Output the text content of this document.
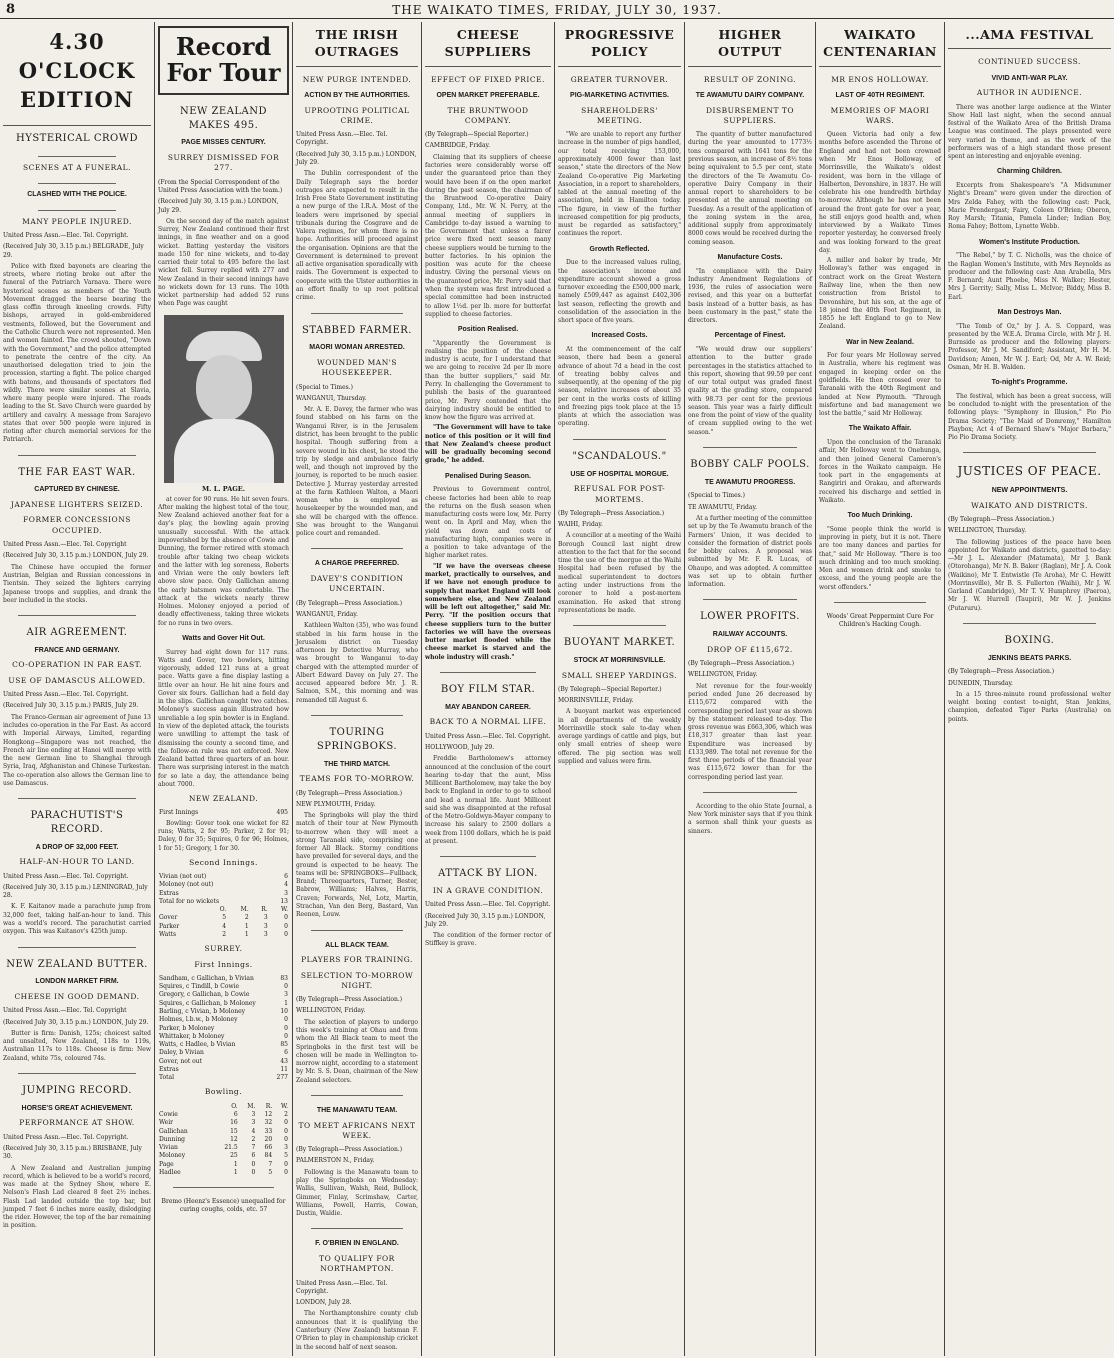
8	THE WAIKATO TIMES, FRIDAY, JULY 30, 1937.
4.30 O'CLOCK EDITION
HYSTERICAL CROWD
SCENES AT A FUNERAL.
CLASHED WITH THE POLICE.
MANY PEOPLE INJURED.
United Press Assn.—Elec. Tel. Copyright.
(Received July 30, 3.15 p.m.) BELGRADE, July 29.
Police with fixed bayonets are clearing the streets, where rioting broke out after the funeral of the Patriarch Varnava. There were hysterical scenes as members of the Youth Movement dragged the hearse bearing the glass coffin through kneeling crowds. Fifty bishops, arrayed in gold-embroidered vestments, followed, but the Government and the Catholic Church were not represented. Men and women fainted. The crowd shouted, "Down with the Government," and the police attempted to penetrate the centre of the city. An unauthorised delegation tried to join the procession, starting a fight. The police charged with batons, and thousands of spectators fled wildly. There were similar scenes at Slavia, where many people were injured. The roads leading to the St. Savo Church were guarded by artillery and cavalry. A message from Sarajevo states that over 500 people were injured in rioting after church memorial services for the Patriarch.
THE FAR EAST WAR.
CAPTURED BY CHINESE.
JAPANESE LIGHTERS SEIZED.
FORMER CONCESSIONS OCCUPIED.
United Press Assn.—Elec. Tel. Copyright
(Received July 30, 3.15 p.m.) LONDON, July 29.
The Chinese have occupied the former Austrian, Belgian and Russian concessions in Tientsin. They seized the lighters carrying Japanese troops and supplies, and drank the beer included in the stocks.
AIR AGREEMENT.
FRANCE AND GERMANY.
CO-OPERATION IN FAR EAST.
USE OF DAMASCUS ALLOWED.
United Press Assn.—Elec. Tel. Copyright.
(Received July 30, 3.15 p.m.) PARIS, July 29.
The Franco-German air agreement of June 13 includes co-operation in the Far East. As accord with Imperial Airways, Limited, regarding Hongkong—Singapore was not reached, the French air line ending at Hanoi will merge with the new German line to Shanghai through Syria, Iraq, Afghanistan and Chinese Turkestan. The co-operation also allows the German line to use Damascus.
PARACHUTIST'S RECORD.
A DROP OF 32,000 FEET.
HALF-AN-HOUR TO LAND.
United Press Assn.—Elec. Tel. Copyright.
(Received July 30, 3.15 p.m.) LENINGRAD, July 28.
K. F. Kaitanov made a parachute jump from 32,000 feet, taking half-an-hour to land. This was a world's record. The parachutist carried oxygen. This was Kaitanov's 425th jump.
NEW ZEALAND BUTTER.
LONDON MARKET FIRM.
CHEESE IN GOOD DEMAND.
United Press Assn.—Elec. Tel. Copyright
(Received July 30, 3.15 p.m.) LONDON, July 29.
Butter is firm: Danish, 125s; choicest salted and unsalted, New Zealand, 118s to 119s, Australian 117s to 118s. Cheese is firm: New Zealand, white 75s, coloured 74s.
JUMPING RECORD.
HORSE'S GREAT ACHIEVEMENT.
PERFORMANCE AT SHOW.
United Press Assn.—Elec. Tel. Copyright.
(Received July 30, 3.15 p.m.) BRISBANE, July 30.
A New Zealand and Australian jumping record, which is believed to be a world's record, was made at the Sydney Show, where E. Nelson's Flash Lad cleared 8 feet 2½ inches. Flash Lad landed outside the top bar, but jumped 7 feet 6 inches more easily, dislodging the rider. However, the top of the bar remaining in position.
Record For Tour
NEW ZEALAND MAKES 495.
PAGE MISSES CENTURY.
SURREY DISMISSED FOR 277.
(From the Special Correspondent of the United Press Association with the team.)
(Received July 30, 3.15 p.m.) LONDON, July 29.
On the second day of the match against Surrey, New Zealand continued their first innings, in fine weather and on a good wicket. Batting yesterday the visitors made 150 for nine wickets, and to-day carried their total to 495 before the last wicket fell. Surrey replied with 277 and New Zealand in their second innings have no wickets down for 13 runs. The 10th wicket partnership had added 52 runs when Page was caught
M. L. PAGE.
at cover for 90 runs. He hit seven fours. After making the highest total of the tour, New Zealand achieved another feat for a day's play, the bowling again proving unusually successful. With the attack impoverished by the absence of Cowie and Dunning, the former retired with stomach trouble after taking two cheap wickets and the latter with leg soreness, Roberts and Vivian were the only bowlers left above slow pace. Only Gallichan among the early batsmen was comfortable. The attack at the wickets nearly threw Holmes. Moloney enjoyed a period of deadly effectiveness, taking three wickets for no runs in two overs.
Watts and Gover Hit Out.
Surrey had eight down for 117 runs. Watts and Gover, two bowlers, hitting vigorously, added 121 runs at a great pace. Watts gave a fine display lasting a little over an hour. He hit nine fours and Gover six fours. Gallichan had a field day in the slips. Gallichan caught two catches. Moloney's success again illustrated how unreliable a leg spin bowler is in England. In view of the depleted attack, the tourists were unwilling to attempt the task of dismissing the county a second time, and the follow-on rule was not enforced. New Zealand batted three quarters of an hour. There was surprising interest in the match for so late a day, the attendance being about 7000.
NEW ZEALAND.
First Innings	495
Bowling: Gover took one wicket for 82 runs; Watts, 2 for 95; Parker, 2 for 91; Daley, 0 for 35; Squires, 0 for 96; Holmes, 1 for 51; Gregory, 1 for 30.
Second Innings.
Vivian (not out)	6
Moloney (not out)	4
Extras	3
Total for no wickets	13
	O.	M.	R.	W.
Gover	5	2	3	0
Parker	4	1	3	0
Watts	2	1	3	0
SURREY.
First Innings.
Sandham, c Gallichan, b Vivian	83
Squires, c Tindill, b Cowie	0
Gregory, c Gallichan, b Cowie	3
Squires, c Gallichan, b Moloney	1
Barling, c Vivian, b Moloney	10
Holmes, l.b.w., b Moloney	0
Parker, b Moloney	0
Whittaker, b Moloney	0
Watts, c Hadlee, b Vivian	85
Daley, b Vivian	6
Gover, not out	43
Extras	11
Total	277
Bowling.
	O.	M.	R.	W.
Cowie	6	3	12	2
Weir	16	3	32	0
Gallichan	15	4	33	0
Dunning	12	2	20	0
Vivian	21.5	7	66	3
Moloney	25	6	84	5
Page	1	0	7	0
Hadlee	1	0	5	0
Bremo (Heenz's Essence) unequalled for curing coughs, colds, etc. 57
THE IRISH OUTRAGES
NEW PURGE INTENDED.
ACTION BY THE AUTHORITIES.
UPROOTING POLITICAL CRIME.
United Press Assn.—Elec. Tel. Copyright.
(Received July 30, 3.15 p.m.) LONDON, July 29.
The Dublin correspondent of the Daily Telegraph says the border outrages are expected to result in the Irish Free State Government instituting a new purge of the I.R.A. Most of the leaders were imprisoned by special tribunals during the Cosgrave and de Valera regimes, for whom there is no hope. Authorities will proceed against the organisation. Opinions are that the Government is determined to prevent all active organisation sporadically with raids. The Government is expected to cooperate with the Ulster authorities in an effort finally to up root political crime.
STABBED FARMER.
MAORI WOMAN ARRESTED.
WOUNDED MAN'S HOUSEKEEPER.
(Special to Times.)
WANGANUI, Thursday.
Mr. A. E. Davey, the farmer who was found stabbed on his farm on the Wanganui River, is in the Jerusalem district, has been brought to the public hospital. Though suffering from a severe wound in his chest, he stood the trip by sledge and ambulance fairly well, and though not improved by the journey, is reported to be much easier. Detective J. Murray yesterday arrested at the farm Kathleen Walton, a Maori woman who is employed as housekeeper by the wounded man, and she will be charged with the offence. She was brought to the Wanganui police court and remanded.
A CHARGE PREFERRED.
DAVEY'S CONDITION UNCERTAIN.
(By Telegraph—Press Association.)
WANGANUI, Friday.
Kathleen Walton (35), who was found stabbed in his farm house in the Jerusalem district on Tuesday afternoon by Detective Murray, who was brought to Wanganui to-day charged with the attempted murder of Albert Edward Davey on July 27. The accused appeared before Mr. J. R. Salmon, S.M., this morning and was remanded till August 6.
TOURING SPRINGBOKS.
THE THIRD MATCH.
TEAMS FOR TO-MORROW.
(By Telegraph—Press Association.)
NEW PLYMOUTH, Friday.
The Springboks will play the third match of their tour at New Plymouth to-morrow when they will meet a strong Taranaki side, comprising one former All Black. Stormy conditions have prevailed for several days, and the ground is expected to be heavy. The teams will be: SPRINGBOKS—Fullback, Brand; Threequarters, Turner, Bester, Babrow, Williams; Halves, Harris, Craven; Forwards, Nel, Lotz, Martin, Strachan, Van den Berg, Bastard, Van Reenen, Louw.
ALL BLACK TEAM.
PLAYERS FOR TRAINING.
SELECTION TO-MORROW NIGHT.
(By Telegraph—Press Association.)
WELLINGTON, Friday.
The selection of players to undergo this week's training at Ohau and from whom the All Black team to meet the Springboks in the first test will be chosen will be made in Wellington to-morrow night, according to a statement by Mr. S. S. Dean, chairman of the New Zealand selectors.
THE MANAWATU TEAM.
TO MEET AFRICANS NEXT WEEK.
(By Telegraph—Press Association.)
PALMERSTON N., Friday.
Following is the Manawatu team to play the Springboks on Wednesday: Wallis, Sullivan, Walsh, Reid, Bullock, Gimmer, Finlay, Scrimshaw, Carter, Williams, Powell, Harris, Cowan, Dustin, Waldie.
F. O'BRIEN IN ENGLAND.
TO QUALIFY FOR NORTHAMPTON.
United Press Assn.—Elec. Tel. Copyright.
LONDON, July 28.
The Northamptonshire county club announces that it is qualifying the Canterbury (New Zealand) batsman F. O'Brien to play in championship cricket in the second half of next season.
CHEESE SUPPLIERS
EFFECT OF FIXED PRICE.
OPEN MARKET PREFERABLE.
THE BRUNTWOOD COMPANY.
(By Telegraph—Special Reporter.)
CAMBRIDGE, Friday.
Claiming that its suppliers of cheese factories were considerably worse off under the guaranteed price than they would have been if on the open market during the past season, the chairman of the Bruntwood Co-operative Dairy Company, Ltd., Mr. W. N. Perry, at the annual meeting of suppliers in Cambridge to-day issued a warning to the Government that unless a fairer price were fixed next season many cheese suppliers would be turning to the butter factories. In his opinion the position was acute for the cheese industry. Giving the personal views on the guaranteed price, Mr. Perry said that when the system was first introduced a special committee had been instructed to allow 1½d. per lb. more for butterfat supplied to cheese factories.
Position Realised.
"Apparently the Government is realising the position of the cheese industry is acute, for I understand that we are going to receive 2d per lb more than the butter suppliers," said Mr. Perry. In challenging the Government to publish the basis of the guaranteed price, Mr. Perry contended that the dairying industry should be entitled to know how the figure was arrived at.
"The Government will have to take notice of this position or it will find that New Zealand's cheese product will be gradually becoming second grade," he added.
Penalised During Season.
Previous to Government control, cheese factories had been able to reap the returns on the flush season when manufacturing costs were low, Mr. Perry went on. In April and May, when the yield was down and costs of manufacturing high, companies were in a position to take advantage of the higher market rates.
"If we have the overseas cheese market, practically to ourselves, and if we have not enough produce to supply that market England will look somewhere else, and New Zealand will be left out altogether," said Mr. Perry. "If the position occurs that cheese suppliers turn to the butter factories we will have the overseas butter market flooded while the cheese market is starved and the whole industry will crash."
BOY FILM STAR.
MAY ABANDON CAREER.
BACK TO A NORMAL LIFE.
United Press Assn.—Elec. Tel. Copyright.
HOLLYWOOD, July 29.
Freddie Bartholomew's attorney announced at the conclusion of the court hearing to-day that the aunt, Miss Millicent Bartholomew, may take the boy back to England in order to go to school and lead a normal life. Aunt Millicent said she was disappointed at the refusal of the Metro-Goldwyn-Mayer company to increase his salary to 2500 dollars a week from 1100 dollars, which he is paid at present.
ATTACK BY LION.
IN A GRAVE CONDITION.
United Press Assn.—Elec. Tel. Copyright.
(Received July 30, 3.15 p.m.) LONDON, July 29.
The condition of the former rector of Stiffkey is grave.
PROGRESSIVE POLICY
GREATER TURNOVER.
PIG-MARKETING ACTIVITIES.
SHAREHOLDERS' MEETING.
"We are unable to report any further increase in the number of pigs handled, our total receiving 153,000, approximately 4000 fewer than last season," state the directors of the New Zealand Co-operative Pig Marketing Association, in a report to shareholders, tabled at the annual meeting of the association, held in Hamilton today. "The figure, in view of the further increased competition for pig products, must be regarded as satisfactory," continues the report.
Growth Reflected.
Due to the increased values ruling, the association's income and expenditure account showed a gross turnover exceeding the £500,000 mark, namely £509,447 as against £402,306 last season, reflecting the growth and consolidation of the association in the short space of five years.
Increased Costs.
At the commencement of the calf season, there had been a general advance of about 7d a head in the cost of treating bobby calves and subsequently, at the opening of the pig season, relative increases of about 35 per cent in the works costs of killing and freezing pigs took place at the 15 plants at which the association was operating.
"SCANDALOUS."
USE OF HOSPITAL MORGUE.
REFUSAL FOR POST-MORTEMS.
(By Telegraph—Press Association.)
WAIHI, Friday.
A councillor at a meeting of the Waihi Borough Council last night drew attention to the fact that for the second time the use of the morgue at the Waihi Hospital had been refused by the medical superintendent to doctors acting under instructions from the coroner to hold a post-mortem examination. He asked that strong representations be made.
BUOYANT MARKET.
STOCK AT MORRINSVILLE.
SMALL SHEEP YARDINGS.
(By Telegraph—Special Reporter.)
MORRINSVILLE, Friday.
A buoyant market was experienced in all departments of the weekly Morrinsville stock sale to-day when average yardings of cattle and pigs, but only small entries of sheep were offered. The pig section was well supplied and values were firm.
HIGHER OUTPUT
RESULT OF ZONING.
TE AWAMUTU DAIRY COMPANY.
DISBURSEMENT TO SUPPLIERS.
The quantity of butter manufactured during the year amounted to 1773½ tons compared with 1641 tons for the previous season, an increase of 8½ tons being equivalent to 5.5 per cent, state the directors of the Te Awamutu Co-operative Dairy Company in their annual report to shareholders to be presented at the annual meeting on Tuesday. As a result of the application of the zoning system in the area, additional supply from approximately 8000 cows would be received during the coming season.
Manufacture Costs.
"In compliance with the Dairy Industry Amendment Regulations of 1936, the rules of association were revised, and this year on a butterfat basis instead of a butter basis, as has been customary in the past," state the directors.
Percentage of Finest.
"We would draw our suppliers' attention to the butter grade percentages in the statistics attached to this report, showing that 99.59 per cent of our total output was graded finest quality at the grading store, compared with 98.73 per cent for the previous season. This year was a fairly difficult one from the point of view of the quality of cream supplied owing to the wet season."
BOBBY CALF POOLS.
TE AWAMUTU PROGRESS.
(Special to Times.)
TE AWAMUTU, Friday.
At a further meeting of the committee set up by the Te Awamutu branch of the Farmers' Union, it was decided to consider the formation of district pools for bobby calves. A proposal was submitted by Mr. F. R. Lucas, of Ohaupo, and was adopted. A committee was set up to obtain further information.
LOWER PROFITS.
RAILWAY ACCOUNTS.
DROP OF £115,672.
(By Telegraph—Press Association.)
WELLINGTON, Friday.
Net revenue for the four-weekly period ended June 26 decreased by £115,672 compared with the corresponding period last year as shown by the statement released to-day. The gross revenue was £663,306, which was £18,317 greater than last year. Expenditure was increased by £133,989. The total net revenue for the first three periods of the financial year was £115,672 lower than for the corresponding period last year.
According to the ohio State Journal, a New York minister says that if you think a sermon shall think your guests as sinners.
WAIKATO CENTENARIAN
MR ENOS HOLLOWAY.
LAST OF 40TH REGIMENT.
MEMORIES OF MAORI WARS.
Queen Victoria had only a few months before ascended the Throne of England and had not been crowned when Mr Enos Holloway, of Morrinsville, the Waikato's oldest resident, was born in the village of Halberton, Devonshire, in 1837. He will celebrate his one hundredth birthday to-morrow. Although he has not been around the front gate for over a year, he still enjoys good health and, when interviewed by a Waikato Times reporter yesterday, he conversed freely and was looking forward to the great day.
A miller and baker by trade, Mr Holloway's father was engaged in contract work on the Great Western Railway line, when the then new construction from Bristol to Devonshire, but his son, at the age of 18 joined the 40th Foot Regiment, in 1855 he left England to go to New Zealand.
War in New Zealand.
For four years Mr Holloway served in Australia, where his regiment was engaged in keeping order on the goldfields. He then crossed over to Taranaki with the 40th Regiment and landed at New Plymouth. "Through misfortune and bad management we lost the battle," said Mr Holloway.
The Waikato Affair.
Upon the conclusion of the Taranaki affair, Mr Holloway went to Onehunga, and then joined General Cameron's forces in the Waikato campaign. He took part in the engagements at Rangiriri and Orakau, and afterwards received his discharge and settled in Waikato.
Too Much Drinking.
"Some people think the world is improving in piety, but it is not. There are too many dances and parties for that," said Mr Holloway. "There is too much drinking and too much smoking. Men and women drink and smoke to excess, and the young people are the worst offenders."
Woods' Great Peppermint Cure For Children's Hacking Cough.
...AMA FESTIVAL
CONTINUED SUCCESS.
VIVID ANTI-WAR PLAY.
AUTHOR IN AUDIENCE.
There was another large audience at the Winter Show Hall last night, when the second annual festival of the Waikato Area of the British Drama League was continued. The plays presented were very varied in theme, and as the work of the performers was of a high standard those present spent an interesting and enjoyable evening.
Charming Children.
Excerpts from Shakespeare's "A Midsummer Night's Dream" were given under the direction of Mrs Zelda Fahey, with the following cast: Puck, Marie Prendergast; Fairy, Coleen O'Brien; Oberon, Roy Marsh; Titania, Pamela Linder; Indian Boy, Roma Fahey; Bottom, Lynette Webb.
Women's Institute Production.
"The Rebel," by T. C. Nicholls, was the choice of the Raglan Women's Institute, with Mrs Reynolds as producer and the following cast: Ann Arabella, Mrs F. Bernard; Aunt Phoebe, Miss N. Walker; Hester, Mrs J. Gerrity; Sally, Miss L. McIvor; Biddy, Miss B. Earl.
Man Destroys Man.
"The Tomb of Oz," by J. A. S. Coppard, was presented by the W.E.A. Drama Circle, with Mr J. H. Burnside as producer and the following players: Professor, Mr J. M. Sandiford; Assistant, Mr H. M. Davidson; Amen, Mr W. J. Earl; Od, Mr A. W. Reid; Osman, Mr H. B. Walden.
To-night's Programme.
The festival, which has been a great success, will be concluded to-night with the presentation of the following plays: "Symphony in Illusion," Pio Pio Drama Society; "The Maid of Domremy," Hamilton Playbox; Act 4 of Bernard Shaw's "Major Barbara," Pio Pio Drama Society.
JUSTICES OF PEACE.
NEW APPOINTMENTS.
WAIKATO AND DISTRICTS.
(By Telegraph—Press Association.)
WELLINGTON, Thursday.
The following justices of the peace have been appointed for Waikato and districts, gazetted to-day:—Mr J. L. Alexander (Matamata), Mr J. Bank (Otorohanga), Mr N. B. Baker (Raglan), Mr J. A. Cook (Waikino), Mr T. Entwistle (Te Aroha), Mr C. Hewitt (Morrinsville), Mr B. S. Fullerton (Waihi), Mr J. W. Garland (Cambridge), Mr T. V. Humphrey (Paeroa), Mr J. W. Hurrell (Taupiri), Mr W. J. Jenkins (Putaruru).
BOXING.
JENKINS BEATS PARKS.
(By Telegraph—Press Association.)
DUNEDIN, Thursday.
In a 15 three-minute round professional welter weight boxing contest to-night, Stan Jenkins, champion, defeated Tiger Parks (Australia) on points.
